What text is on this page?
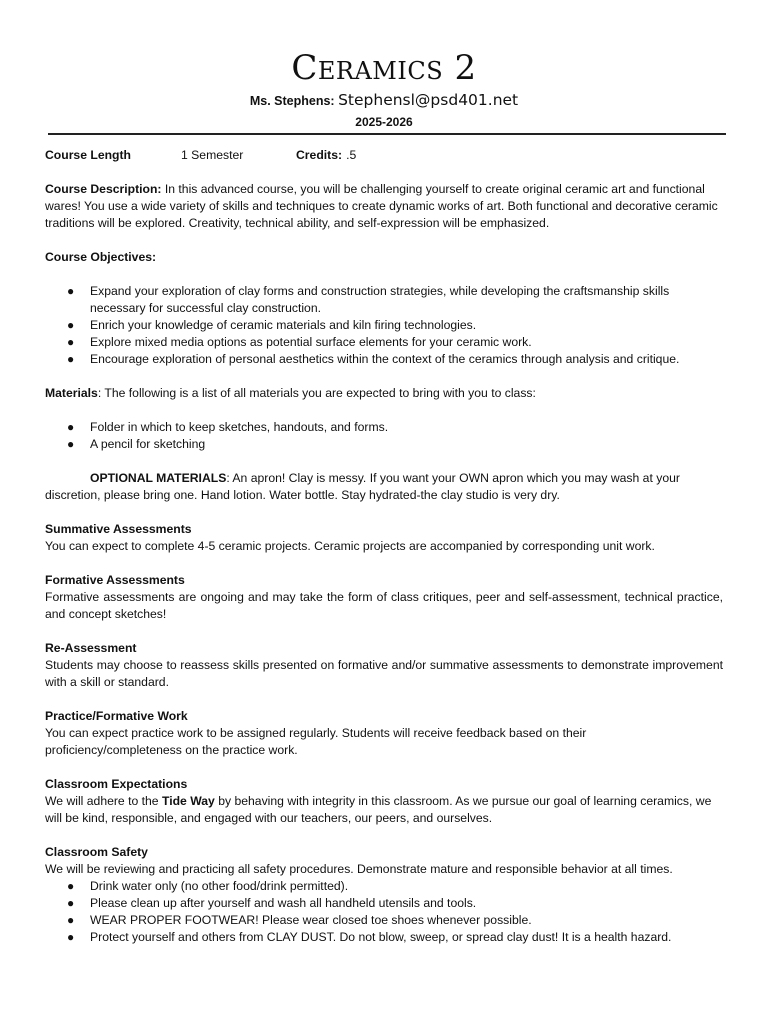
Ceramics 2
Ms. Stephens: Stephensl@psd401.net
2025-2026
Course Length	1 Semester	Credits: .5

Course Description: In this advanced course, you will be challenging yourself to create original ceramic art and functional wares! You use a wide variety of skills and techniques to create dynamic works of art. Both functional and decorative ceramic traditions will be explored. Creativity, technical ability, and self-expression will be emphasized.

Course Objectives:

● Expand your exploration of clay forms and construction strategies, while developing the craftsmanship skills necessary for successful clay construction.
● Enrich your knowledge of ceramic materials and kiln firing technologies.
● Explore mixed media options as potential surface elements for your ceramic work.
● Encourage exploration of personal aesthetics within the context of the ceramics through analysis and critique.

Materials: The following is a list of all materials you are expected to bring with you to class:

● Folder in which to keep sketches, handouts, and forms.
● A pencil for sketching

OPTIONAL MATERIALS: An apron! Clay is messy. If you want your OWN apron which you may wash at your discretion, please bring one. Hand lotion. Water bottle. Stay hydrated-the clay studio is very dry.

Summative Assessments

You can expect to complete 4-5 ceramic projects. Ceramic projects are accompanied by corresponding unit work.

Formative Assessments

Formative assessments are ongoing and may take the form of class critiques, peer and self-assessment, technical practice, and concept sketches!

Re-Assessment

Students may choose to reassess skills presented on formative and/or summative assessments to demonstrate improvement with a skill or standard.

Practice/Formative Work

You can expect practice work to be assigned regularly. Students will receive feedback based on their proficiency/completeness on the practice work.

Classroom Expectations

We will adhere to the Tide Way by behaving with integrity in this classroom. As we pursue our goal of learning ceramics, we will be kind, responsible, and engaged with our teachers, our peers, and ourselves.

Classroom Safety

We will be reviewing and practicing all safety procedures. Demonstrate mature and responsible behavior at all times.

● Drink water only (no other food/drink permitted).
● Please clean up after yourself and wash all handheld utensils and tools.
● WEAR PROPER FOOTWEAR! Please wear closed toe shoes whenever possible.
● Protect yourself and others from CLAY DUST. Do not blow, sweep, or spread clay dust! It is a health hazard.
